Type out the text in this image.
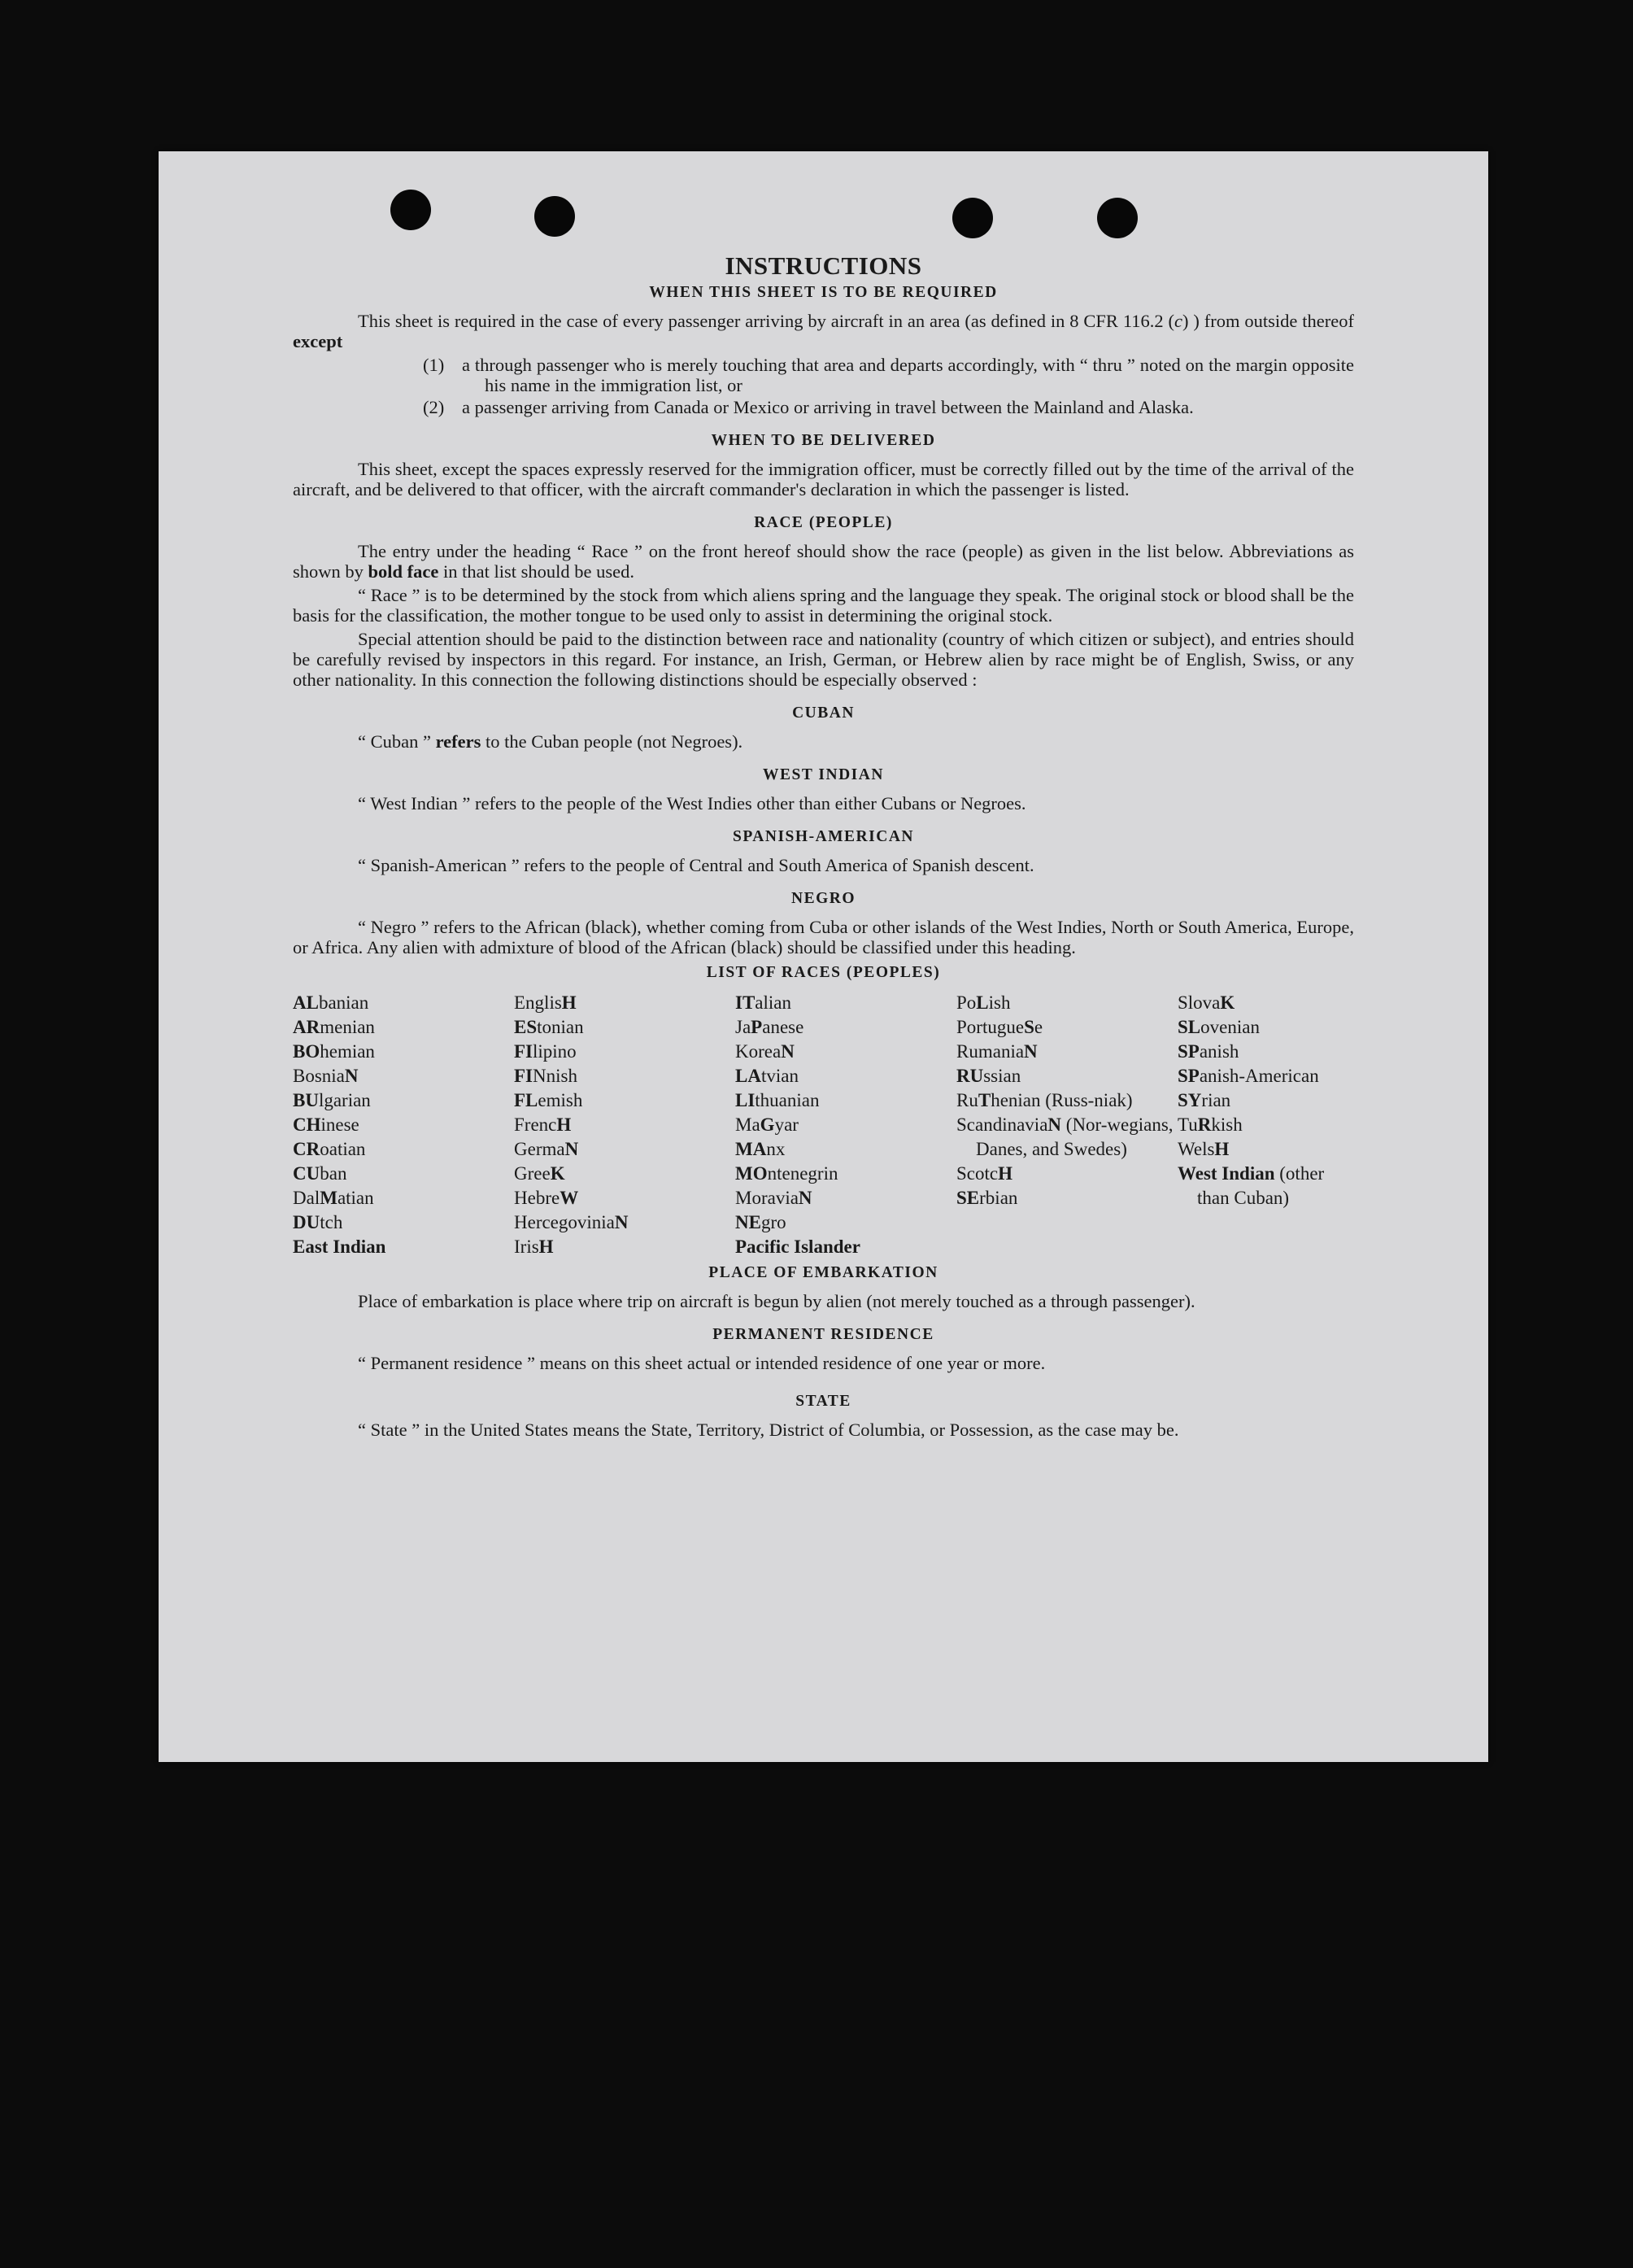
INSTRUCTIONS
WHEN THIS SHEET IS TO BE REQUIRED

This sheet is required in the case of every passenger arriving by aircraft in an area (as defined in 8 CFR 116.2 (c) ) from outside thereof except

(1) a through passenger who is merely touching that area and departs accordingly, with “ thru ” noted on the margin opposite his name in the immigration list, or
(2) a passenger arriving from Canada or Mexico or arriving in travel between the Mainland and Alaska.
WHEN TO BE DELIVERED

This sheet, except the spaces expressly reserved for the immigration officer, must be correctly filled out by the time of the arrival of the aircraft, and be delivered to that officer, with the aircraft commander's declaration in which the passenger is listed.

RACE (PEOPLE)

The entry under the heading “ Race ” on the front hereof should show the race (people) as given in the list below. Abbreviations as shown by bold face in that list should be used.

“ Race ” is to be determined by the stock from which aliens spring and the language they speak. The original stock or blood shall be the basis for the classification, the mother tongue to be used only to assist in determining the original stock.

Special attention should be paid to the distinction between race and nationality (country of which citizen or subject), and entries should be carefully revised by inspectors in this regard. For instance, an Irish, German, or Hebrew alien by race might be of English, Swiss, or any other nationality. In this connection the following distinctions should be especially observed :

CUBAN

“ Cuban ” refers to the Cuban people (not Negroes).

WEST INDIAN

“ West Indian ” refers to the people of the West Indies other than either Cubans or Negroes.

SPANISH-AMERICAN

“ Spanish-American ” refers to the people of Central and South America of Spanish descent.

NEGRO

“ Negro ” refers to the African (black), whether coming from Cuba or other islands of the West Indies, North or South America, Europe, or Africa. Any alien with admixture of blood of the African (black) should be classified under this heading.

LIST OF RACES (PEOPLES)
ALbanian
ARmenian
BOhemian
BosniaN
BUlgarian
CHinese
CRoatian
CUban
DalMatian
DUtch
East Indian
EnglisH
EStonian
FIlipino
FINnish
FLemish
FrencH
GermaN
GreeK
HebreW
HercegoviniaN
IrisH
ITalian
JaPanese
KoreaN
LAtvian
LIthuanian
MaGyar
MAnx
MOntenegrin
MoraviaN
NEgro
Pacific Islander
PoLish
PortugueSe
RumaniaN
RUssian
RuThenian (Russ-niak)
ScandinaviaN (Nor-wegians, Danes, and Swedes)
ScotcH
SErbian
SlovaK
SLovenian
SPanish
SPanish-American
SYrian
TuRkish
WelsH
West Indian (other than Cuban)
PLACE OF EMBARKATION

Place of embarkation is place where trip on aircraft is begun by alien (not merely touched as a through passenger).

PERMANENT RESIDENCE

“ Permanent residence ” means on this sheet actual or intended residence of one year or more.

STATE

“ State ” in the United States means the State, Territory, District of Columbia, or Possession, as the case may be.
